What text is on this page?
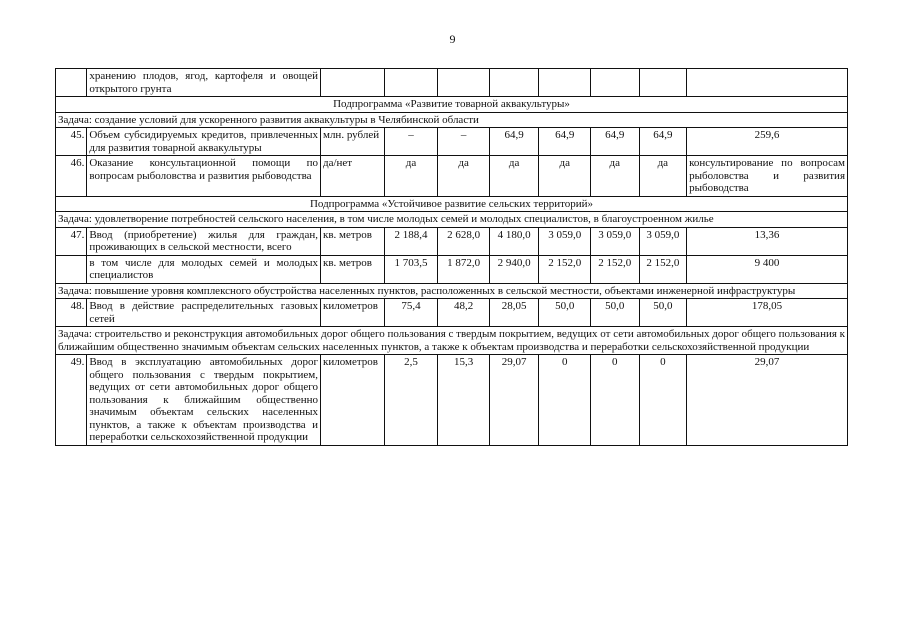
9
	хранению плодов, ягод, картофеля и овощей открытого грунта								
Подпрограмма «Развитие товарной аквакультуры»									
Задача: создание условий для ускоренного развития аквакультуры в Челябинской области									
45.	Объем субсидируемых кредитов, привлеченных для развития товарной аквакультуры	млн. рублей	–	–	64,9	64,9	64,9	64,9	259,6
46.	Оказание консультационной помощи по вопросам рыболовства и развития рыбоводства	да/нет	да	да	да	да	да	да	консультирование по вопросам рыболовства и развития рыбоводства
Подпрограмма «Устойчивое развитие сельских территорий»									
Задача: удовлетворение потребностей сельского населения, в том числе молодых семей и молодых специалистов, в благоустроенном жилье									
47.	Ввод (приобретение) жилья для граждан, проживающих в сельской местности, всего	кв. метров	2 188,4	2 628,0	4 180,0	3 059,0	3 059,0	3 059,0	13,36
	в том числе для молодых семей и молодых специалистов	кв. метров	1 703,5	1 872,0	2 940,0	2 152,0	2 152,0	2 152,0	9 400
Задача: повышение уровня комплексного обустройства населенных пунктов, расположенных в сельской местности, объектами инженерной инфраструктуры									
48.	Ввод в действие распределительных газовых сетей	километров	75,4	48,2	28,05	50,0	50,0	50,0	178,05
Задача: строительство и реконструкция автомобильных дорог общего пользования с твердым покрытием, ведущих от сети автомобильных дорог общего пользования к ближайшим общественно значимым объектам сельских населенных пунктов, а также к объектам производства и переработки сельскохозяйственной продукции									
49.	Ввод в эксплуатацию автомобильных дорог общего пользования с твердым покрытием, ведущих от сети автомобильных дорог общего пользования к ближайшим общественно значимым объектам сельских населенных пунктов, а также к объектам производства и переработки сельскохозяйственной продукции	километров	2,5	15,3	29,07	0	0	0	29,07
